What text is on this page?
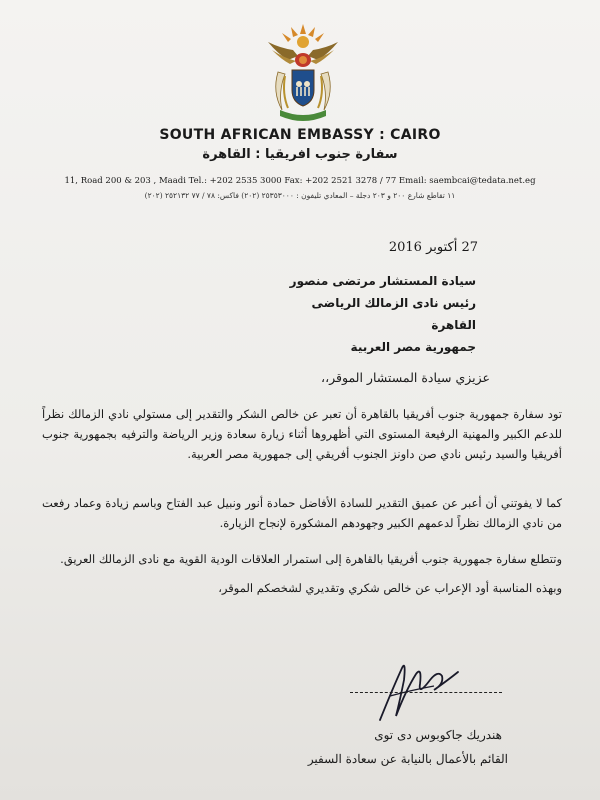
SOUTH AFRICAN EMBASSY : CAIRO
سفارة جنوب افريقيا : القاهرة
11, Road 200 & 203 , Maadi Tel.: +202 2535 3000 Fax: +202 2521 3278 / 77 Email: saembcai@tedata.net.eg
١١ تقاطع شارع ٢٠٠ و ٢٠٣ دجلة – المعادي تليفون : ٢٥٣٥٣٠٠٠ (٢٠٢) فاكس: ٧٨ / ٧٧ ٢٥٢١٣٢ (٢٠٢)
27 أكتوبر 2016
سيادة المستشار مرتضى منصور
رئيس نادى الزمالك الرياضى
القاهرة
جمهورية مصر العربية
عزيزي سيادة المستشار الموقر،،
تود سفارة جمهورية جنوب أفريقيا بالقاهرة أن تعبر عن خالص الشكر والتقدير إلى مستولي نادي الزمالك نظراً للدعم الكبير والمهنية الرفيعة المستوى التي أظهروها أثناء زيارة سعادة وزير الرياضة والترفيه بجمهورية جنوب أفريقيا والسيد رئيس نادي صن داونز الجنوب أفريقي إلى جمهورية مصر العربية.
كما لا يفوتني أن أعبر عن عميق التقدير للسادة الأفاضل حمادة أنور ونبيل عبد الفتاح وباسم زيادة وعماد رفعت من نادي الزمالك نظراً لدعمهم الكبير وجهودهم المشكورة لإنجاح الزيارة.
وتتطلع سفارة جمهورية جنوب أفريقيا بالقاهرة إلى استمرار العلاقات الودية القوية مع نادى الزمالك العريق.
وبهذه المناسبة أود الإعراب عن خالص شكري وتقديري لشخصكم الموقر،
هندريك جاكوبوس دى توى
القائم بالأعمال بالنيابة عن سعادة السفير
